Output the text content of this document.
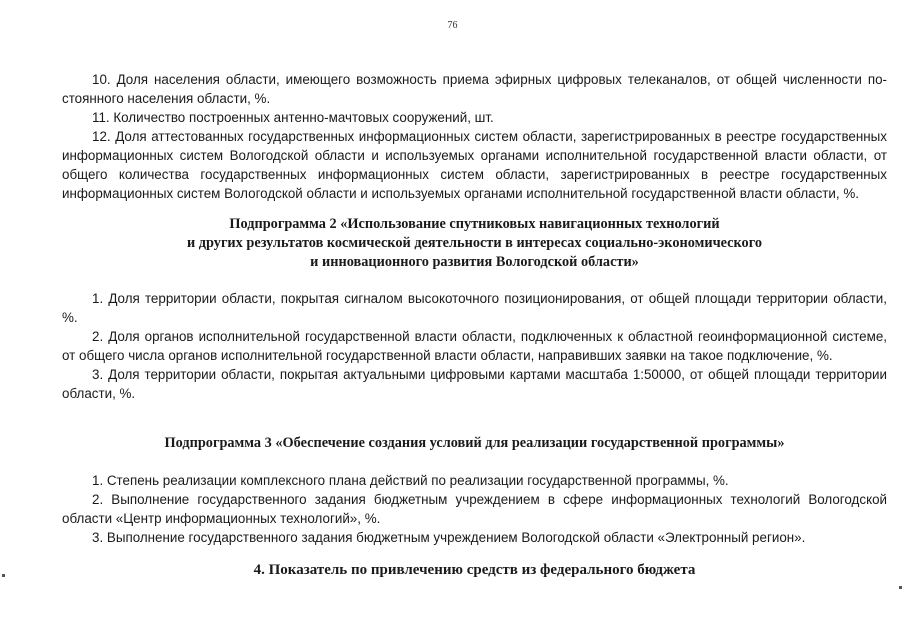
76

10. Доля населения области, имеющего возможность приема эфирных цифровых телеканалов, от общей численности постоянного населения области, %.

11. Количество построенных антенно-мачтовых сооружений, шт.

12. Доля аттестованных государственных информационных систем области, зарегистрированных в реестре государственных информационных систем Вологодской области и используемых органами исполнительной государственной власти области, от общего количества государственных информационных систем области, зарегистрированных в реестре государственных информационных систем Вологодской области и используемых органами исполнительной государственной власти области, %.

Подпрограмма 2 «Использование спутниковых навигационных технологий
и других результатов космической деятельности в интересах социально-экономического
и инновационного развития Вологодской области»

1. Доля территории области, покрытая сигналом высокоточного позиционирования, от общей площади территории области, %.

2. Доля органов исполнительной государственной власти области, подключенных к областной геоинформационной системе, от общего числа органов исполнительной государственной власти области, направивших заявки на такое подключение, %.

3. Доля территории области, покрытая актуальными цифровыми картами масштаба 1:50000, от общей площади территории области, %.

Подпрограмма 3 «Обеспечение создания условий для реализации государственной программы»

1. Степень реализации комплексного плана действий по реализации государственной программы, %.

2. Выполнение государственного задания бюджетным учреждением в сфере информационных технологий Вологодской области «Центр информационных технологий», %.

3. Выполнение государственного задания бюджетным учреждением Вологодской области «Электронный регион».

4. Показатель по привлечению средств из федерального бюджета
